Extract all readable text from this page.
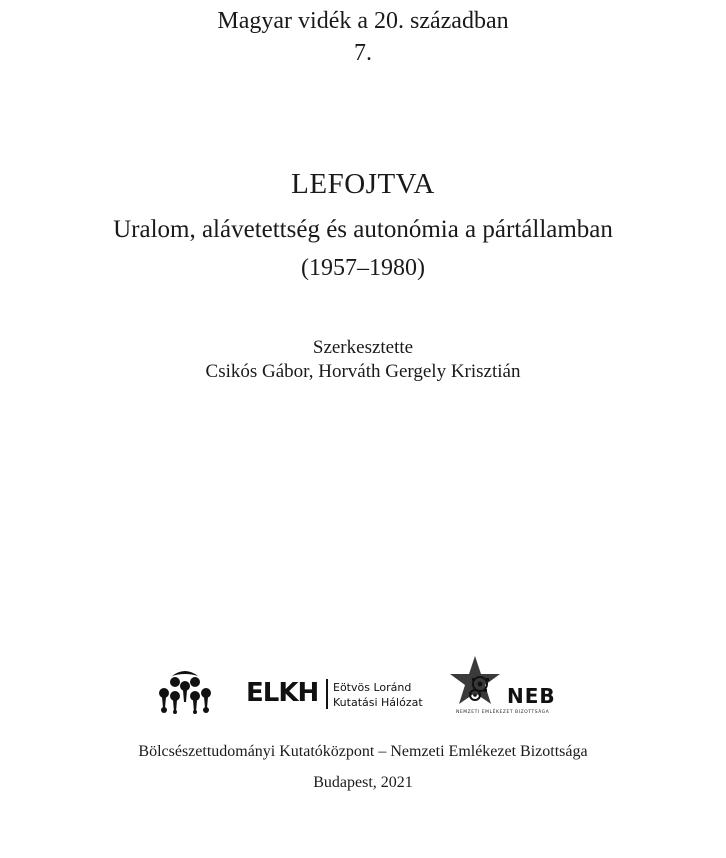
Magyar vidék a 20. században
7.
LEFOJTVA
Uralom, alávetettség és autonómia a pártállamban
(1957–1980)
Szerkesztette
Csikós Gábor, Horváth Gergely Krisztián
ELKH Eötvös Loránd
Kutatási Hálózat	NEB
NEMZETI EMLÉKEZET BIZOTTSÁGA
Bölcsészettudományi Kutatóközpont – Nemzeti Emlékezet Bizottsága
Budapest, 2021
